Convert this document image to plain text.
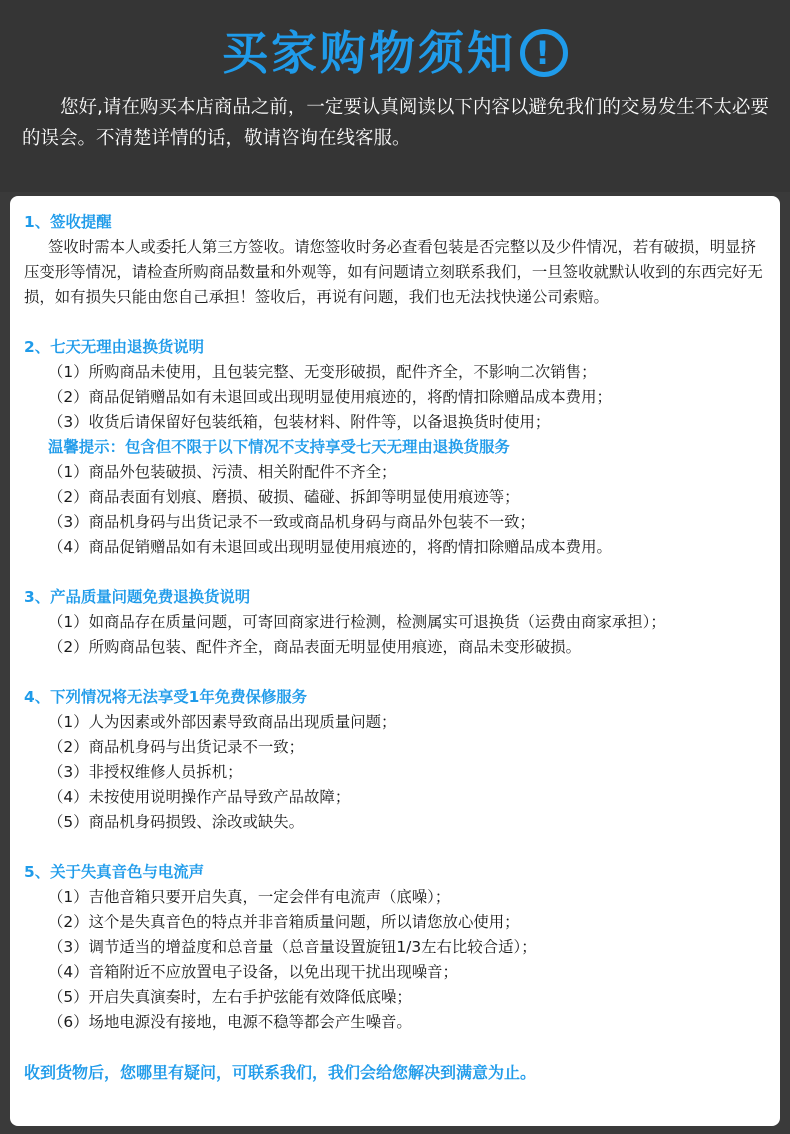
买家购物须知 !
您好,请在购买本店商品之前，一定要认真阅读以下内容以避免我们的交易发生不太必要的误会。不清楚详情的话，敬请咨询在线客服。
1、签收提醒
签收时需本人或委托人第三方签收。请您签收时务必查看包装是否完整以及少件情况，若有破损，明显挤压变形等情况，请检查所购商品数量和外观等，如有问题请立刻联系我们，一旦签收就默认收到的东西完好无损，如有损失只能由您自己承担！签收后，再说有问题，我们也无法找快递公司索赔。
2、七天无理由退换货说明
（1）所购商品未使用，且包装完整、无变形破损，配件齐全，不影响二次销售；
（2）商品促销赠品如有未退回或出现明显使用痕迹的，将酌情扣除赠品成本费用；
（3）收货后请保留好包装纸箱，包装材料、附件等，以备退换货时使用；
温馨提示：包含但不限于以下情况不支持享受七天无理由退换货服务
（1）商品外包装破损、污渍、相关附配件不齐全；
（2）商品表面有划痕、磨损、破损、磕碰、拆卸等明显使用痕迹等；
（3）商品机身码与出货记录不一致或商品机身码与商品外包装不一致；
（4）商品促销赠品如有未退回或出现明显使用痕迹的，将酌情扣除赠品成本费用。
3、产品质量问题免费退换货说明
（1）如商品存在质量问题，可寄回商家进行检测，检测属实可退换货（运费由商家承担）；
（2）所购商品包装、配件齐全，商品表面无明显使用痕迹，商品未变形破损。
4、下列情况将无法享受1年免费保修服务
（1）人为因素或外部因素导致商品出现质量问题；
（2）商品机身码与出货记录不一致；
（3）非授权维修人员拆机；
（4）未按使用说明操作产品导致产品故障；
（5）商品机身码损毁、涂改或缺失。
5、关于失真音色与电流声
（1）吉他音箱只要开启失真，一定会伴有电流声（底噪）；
（2）这个是失真音色的特点并非音箱质量问题，所以请您放心使用；
（3）调节适当的增益度和总音量（总音量设置旋钮1/3左右比较合适）；
（4）音箱附近不应放置电子设备，以免出现干扰出现噪音；
（5）开启失真演奏时，左右手护弦能有效降低底噪；
（6）场地电源没有接地，电源不稳等都会产生噪音。
收到货物后，您哪里有疑问，可联系我们，我们会给您解决到满意为止。
